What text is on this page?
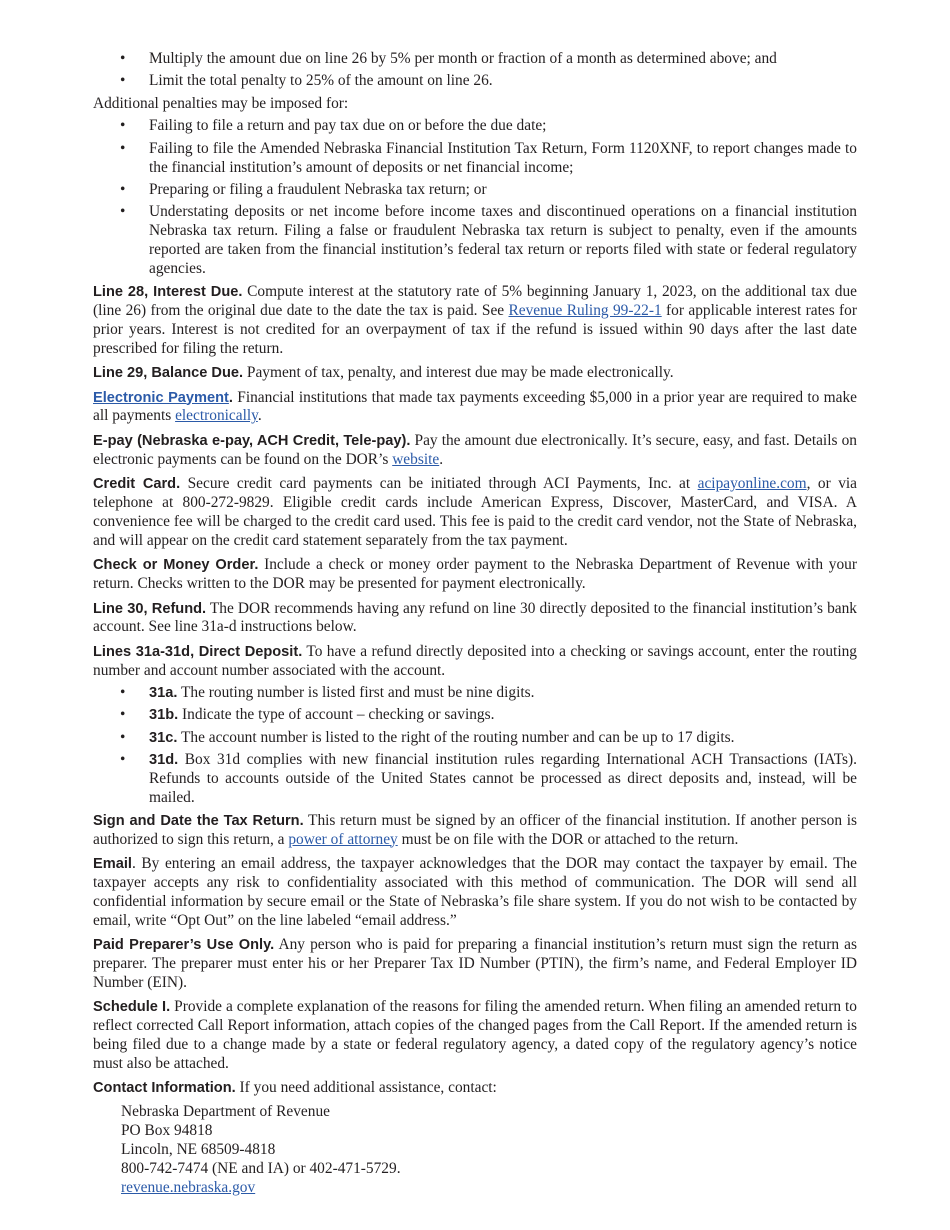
• Multiply the amount due on line 26 by 5% per month or fraction of a month as determined above; and
• Limit the total penalty to 25% of the amount on line 26.

Additional penalties may be imposed for:

• Failing to file a return and pay tax due on or before the due date;
• Failing to file the Amended Nebraska Financial Institution Tax Return, Form 1120XNF, to report changes made to the financial institution’s amount of deposits or net financial income;
• Preparing or filing a fraudulent Nebraska tax return; or
• Understating deposits or net income before income taxes and discontinued operations on a financial institution Nebraska tax return. Filing a false or fraudulent Nebraska tax return is subject to penalty, even if the amounts reported are taken from the financial institution’s federal tax return or reports filed with state or federal regulatory agencies.

Line 28, Interest Due. Compute interest at the statutory rate of 5% beginning January 1, 2023, on the additional tax due (line 26) from the original due date to the date the tax is paid. See Revenue Ruling 99-22-1 for applicable interest rates for prior years. Interest is not credited for an overpayment of tax if the refund is issued within 90 days after the last date prescribed for filing the return.

Line 29, Balance Due. Payment of tax, penalty, and interest due may be made electronically.

Electronic Payment. Financial institutions that made tax payments exceeding $5,000 in a prior year are required to make all payments electronically.

E-pay (Nebraska e-pay, ACH Credit, Tele-pay). Pay the amount due electronically. It’s secure, easy, and fast. Details on electronic payments can be found on the DOR’s website.

Credit Card. Secure credit card payments can be initiated through ACI Payments, Inc. at acipayonline.com, or via telephone at 800-272-9829. Eligible credit cards include American Express, Discover, MasterCard, and VISA. A convenience fee will be charged to the credit card used. This fee is paid to the credit card vendor, not the State of Nebraska, and will appear on the credit card statement separately from the tax payment.

Check or Money Order. Include a check or money order payment to the Nebraska Department of Revenue with your return. Checks written to the DOR may be presented for payment electronically.

Line 30, Refund. The DOR recommends having any refund on line 30 directly deposited to the financial institution’s bank account. See line 31a-d instructions below.

Lines 31a-31d, Direct Deposit. To have a refund directly deposited into a checking or savings account, enter the routing number and account number associated with the account.

• 31a. The routing number is listed first and must be nine digits.
• 31b. Indicate the type of account – checking or savings.
• 31c. The account number is listed to the right of the routing number and can be up to 17 digits.
• 31d. Box 31d complies with new financial institution rules regarding International ACH Transactions (IATs). Refunds to accounts outside of the United States cannot be processed as direct deposits and, instead, will be mailed.

Sign and Date the Tax Return. This return must be signed by an officer of the financial institution. If another person is authorized to sign this return, a power of attorney must be on file with the DOR or attached to the return.

Email. By entering an email address, the taxpayer acknowledges that the DOR may contact the taxpayer by email. The taxpayer accepts any risk to confidentiality associated with this method of communication. The DOR will send all confidential information by secure email or the State of Nebraska’s file share system. If you do not wish to be contacted by email, write “Opt Out” on the line labeled “email address.”

Paid Preparer’s Use Only. Any person who is paid for preparing a financial institution’s return must sign the return as preparer. The preparer must enter his or her Preparer Tax ID Number (PTIN), the firm’s name, and Federal Employer ID Number (EIN).

Schedule I. Provide a complete explanation of the reasons for filing the amended return. When filing an amended return to reflect corrected Call Report information, attach copies of the changed pages from the Call Report. If the amended return is being filed due to a change made by a state or federal regulatory agency, a dated copy of the regulatory agency’s notice must also be attached.

Contact Information. If you need additional assistance, contact:

Nebraska Department of Revenue
PO Box 94818
Lincoln, NE 68509-4818
800-742-7474 (NE and IA) or 402-471-5729.
revenue.nebraska.gov
